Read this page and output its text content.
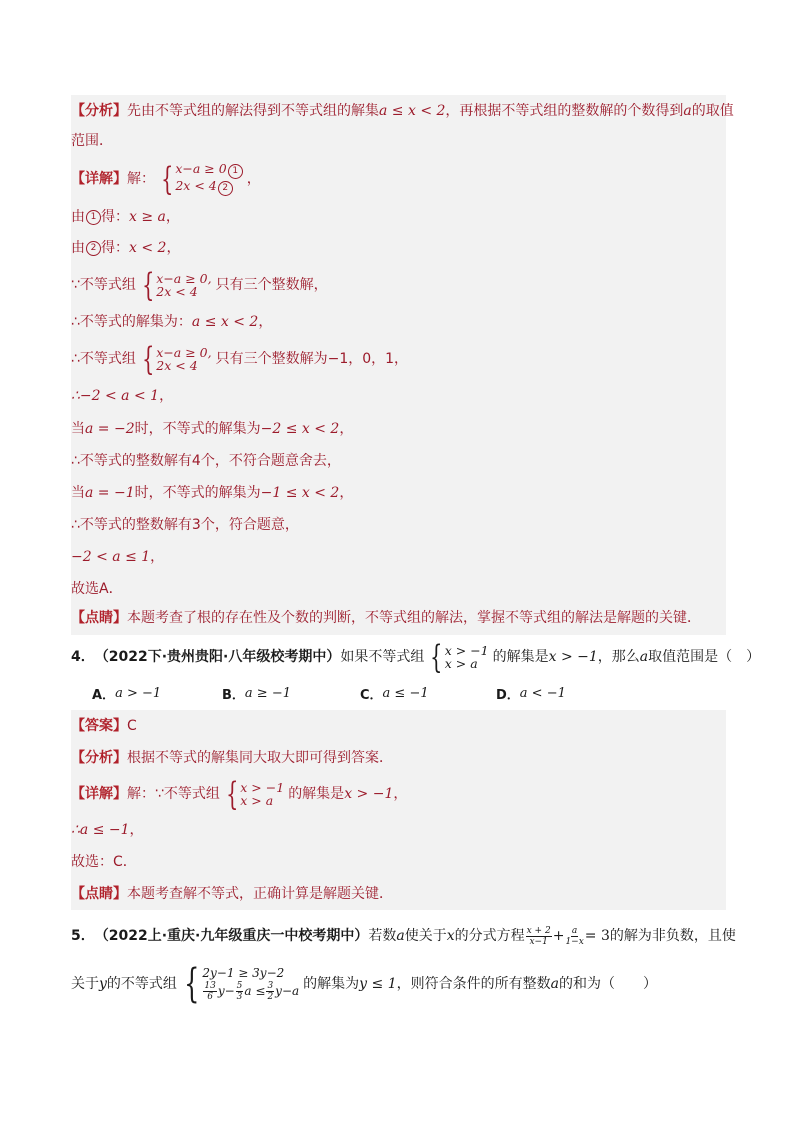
【分析】 先由不等式组的解法得到不等式组的解集 a ≤ x < 2 ，再根据不等式组的整数解的个数得到 a 的取值
范围．
【详解】 解： { x−a ≥ 0 1
2x < 4 2
，
由 1 得： x ≥ a ，
由 2 得： x < 2 ，
∵不等式组 { x−a ≥ 0,
2x < 4	只有三个整数解，
∴不等式的解集为： a ≤ x < 2 ，
∴不等式组 { x−a ≥ 0,
2x < 4	只有三个整数解为−1，0，1，
∴−2 < a < 1 ，
当 a = −2 时，不等式的解集为 −2 ≤ x < 2 ，
∴不等式的整数解有4个，不符合题意舍去，
当 a = −1 时，不等式的解集为 −1 ≤ x < 2 ，
∴不等式的整数解有3个，符合题意，
−2 < a ≤ 1 ，
故选A．
【点睛】 本题考查了根的存在性及个数的判断，不等式组的解法，掌握不等式组的解法是解题的关键．
4． （2022下·贵州贵阳·八年级校考期中） 如果不等式组 { x > −1
x > a	的解集是 x > −1 ，那么 a 取值范围是（　）
A． a > −1	B． a ≥ −1	C． a ≤ −1	D． a < −1
【答案】 C
【分析】 根据不等式的解集同大取大即可得到答案．
【详解】 解：∵不等式组 { x > −1
x > a	的解集是 x > −1 ，
∴a ≤ −1 ，
故选：C．
【点睛】 本题考查解不等式，正确计算是解题关键．
5． （2022上·重庆·九年级重庆一中校考期中） 若数 a 使关于 x 的分式方程 $\frac{x + 2}{x-1} + \frac{a}{1-x} = 3$ 的解为非负数，且使
关于 y 的不等式组 { 2y−1 ≥ 3y−2
$\frac{13}{6} y- \frac{5}{3}$ $a \le \frac{3}{2} y-a$ 的解集为 y ≤ 1 ，则符合条件的所有整数 a 的和为（　　）
